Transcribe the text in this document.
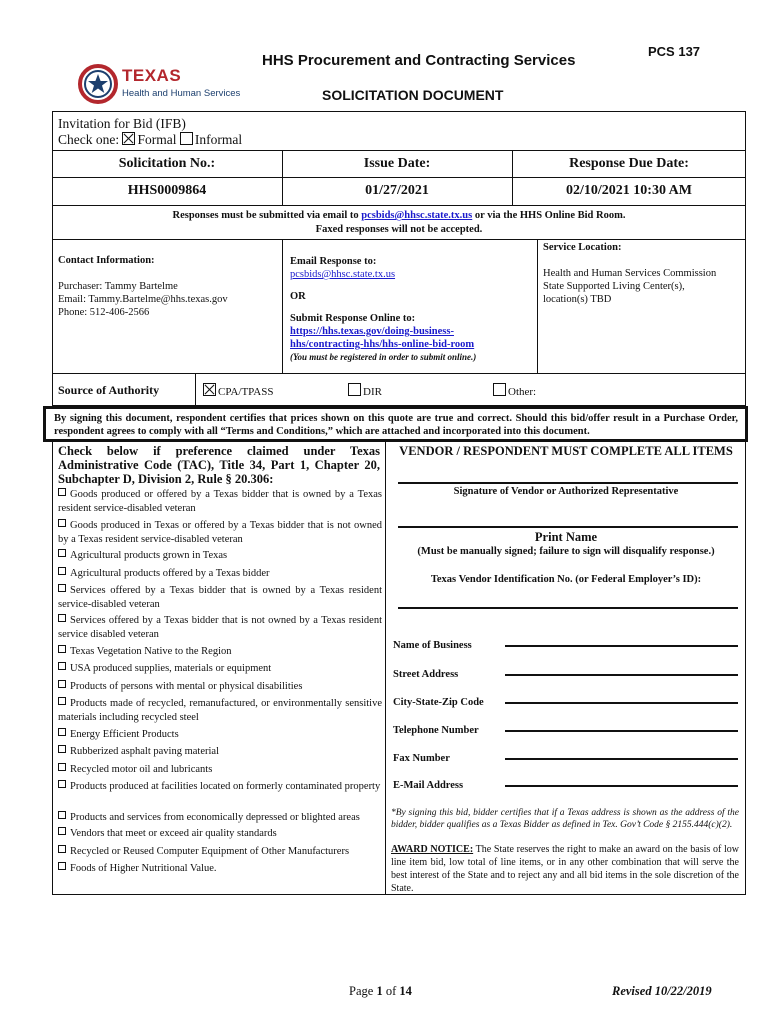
PCS 137
HHS Procurement and Contracting Services
SOLICITATION DOCUMENT
TEXAS
Health and Human Services
Invitation for Bid (IFB)
Check one: Formal Informal
Solicitation No.:	Issue Date:	Response Due Date:
HHS0009864	01/27/2021	02/10/2021 10:30 AM
Responses must be submitted via email to pcsbids@hhsc.state.tx.us or via the HHS Online Bid Room.
Faxed responses will not be accepted.
Contact Information:
Purchaser: Tammy Bartelme
Email: Tammy.Bartelme@hhs.texas.gov
Phone: 512-406-2566
Email Response to:
pcsbids@hhsc.state.tx.us
OR
Submit Response Online to:
https://hhs.texas.gov/doing-business-
hhs/contracting-hhs/hhs-online-bid-room
(You must be registered in order to submit online.)
Service Location:
Health and Human Services Commission
State Supported Living Center(s),
location(s) TBD
Source of Authority	CPA/TPASS	DIR	Other:
By signing this document, respondent certifies that prices shown on this quote are true and correct. Should this bid/offer result in a Purchase Order, respondent agrees to comply with all “Terms and Conditions,” which are attached and incorporated into this document.
Check below if preference claimed under Texas Administrative Code (TAC), Title 34, Part 1, Chapter 20, Subchapter D, Division 2, Rule § 20.306:
Goods produced or offered by a Texas bidder that is owned by a Texas resident service-disabled veteran
Goods produced in Texas or offered by a Texas bidder that is not owned by a Texas resident service-disabled veteran
Agricultural products grown in Texas
Agricultural products offered by a Texas bidder
Services offered by a Texas bidder that is owned by a Texas resident service-disabled veteran
Services offered by a Texas bidder that is not owned by a Texas resident service disabled veteran
Texas Vegetation Native to the Region
USA produced supplies, materials or equipment
Products of persons with mental or physical disabilities
Products made of recycled, remanufactured, or environmentally sensitive materials including recycled steel
Energy Efficient Products
Rubberized asphalt paving material
Recycled motor oil and lubricants
Products produced at facilities located on formerly contaminated property
Products and services from economically depressed or blighted areas
Vendors that meet or exceed air quality standards
Recycled or Reused Computer Equipment of Other Manufacturers
Foods of Higher Nutritional Value.
VENDOR / RESPONDENT MUST COMPLETE ALL ITEMS
Signature of Vendor or Authorized Representative
Print Name
(Must be manually signed; failure to sign will disqualify response.)
Texas Vendor Identification No. (or Federal Employer’s ID):
Name of Business
Street Address
City-State-Zip Code
Telephone Number
Fax Number
E-Mail Address
*By signing this bid, bidder certifies that if a Texas address is shown as the address of the bidder, bidder qualifies as a Texas Bidder as defined in Tex. Gov’t Code § 2155.444(c)(2).
AWARD NOTICE: The State reserves the right to make an award on the basis of low line item bid, low total of line items, or in any other combination that will serve the best interest of the State and to reject any and all bid items in the sole discretion of the State.
Page 1 of 14	Revised 10/22/2019
